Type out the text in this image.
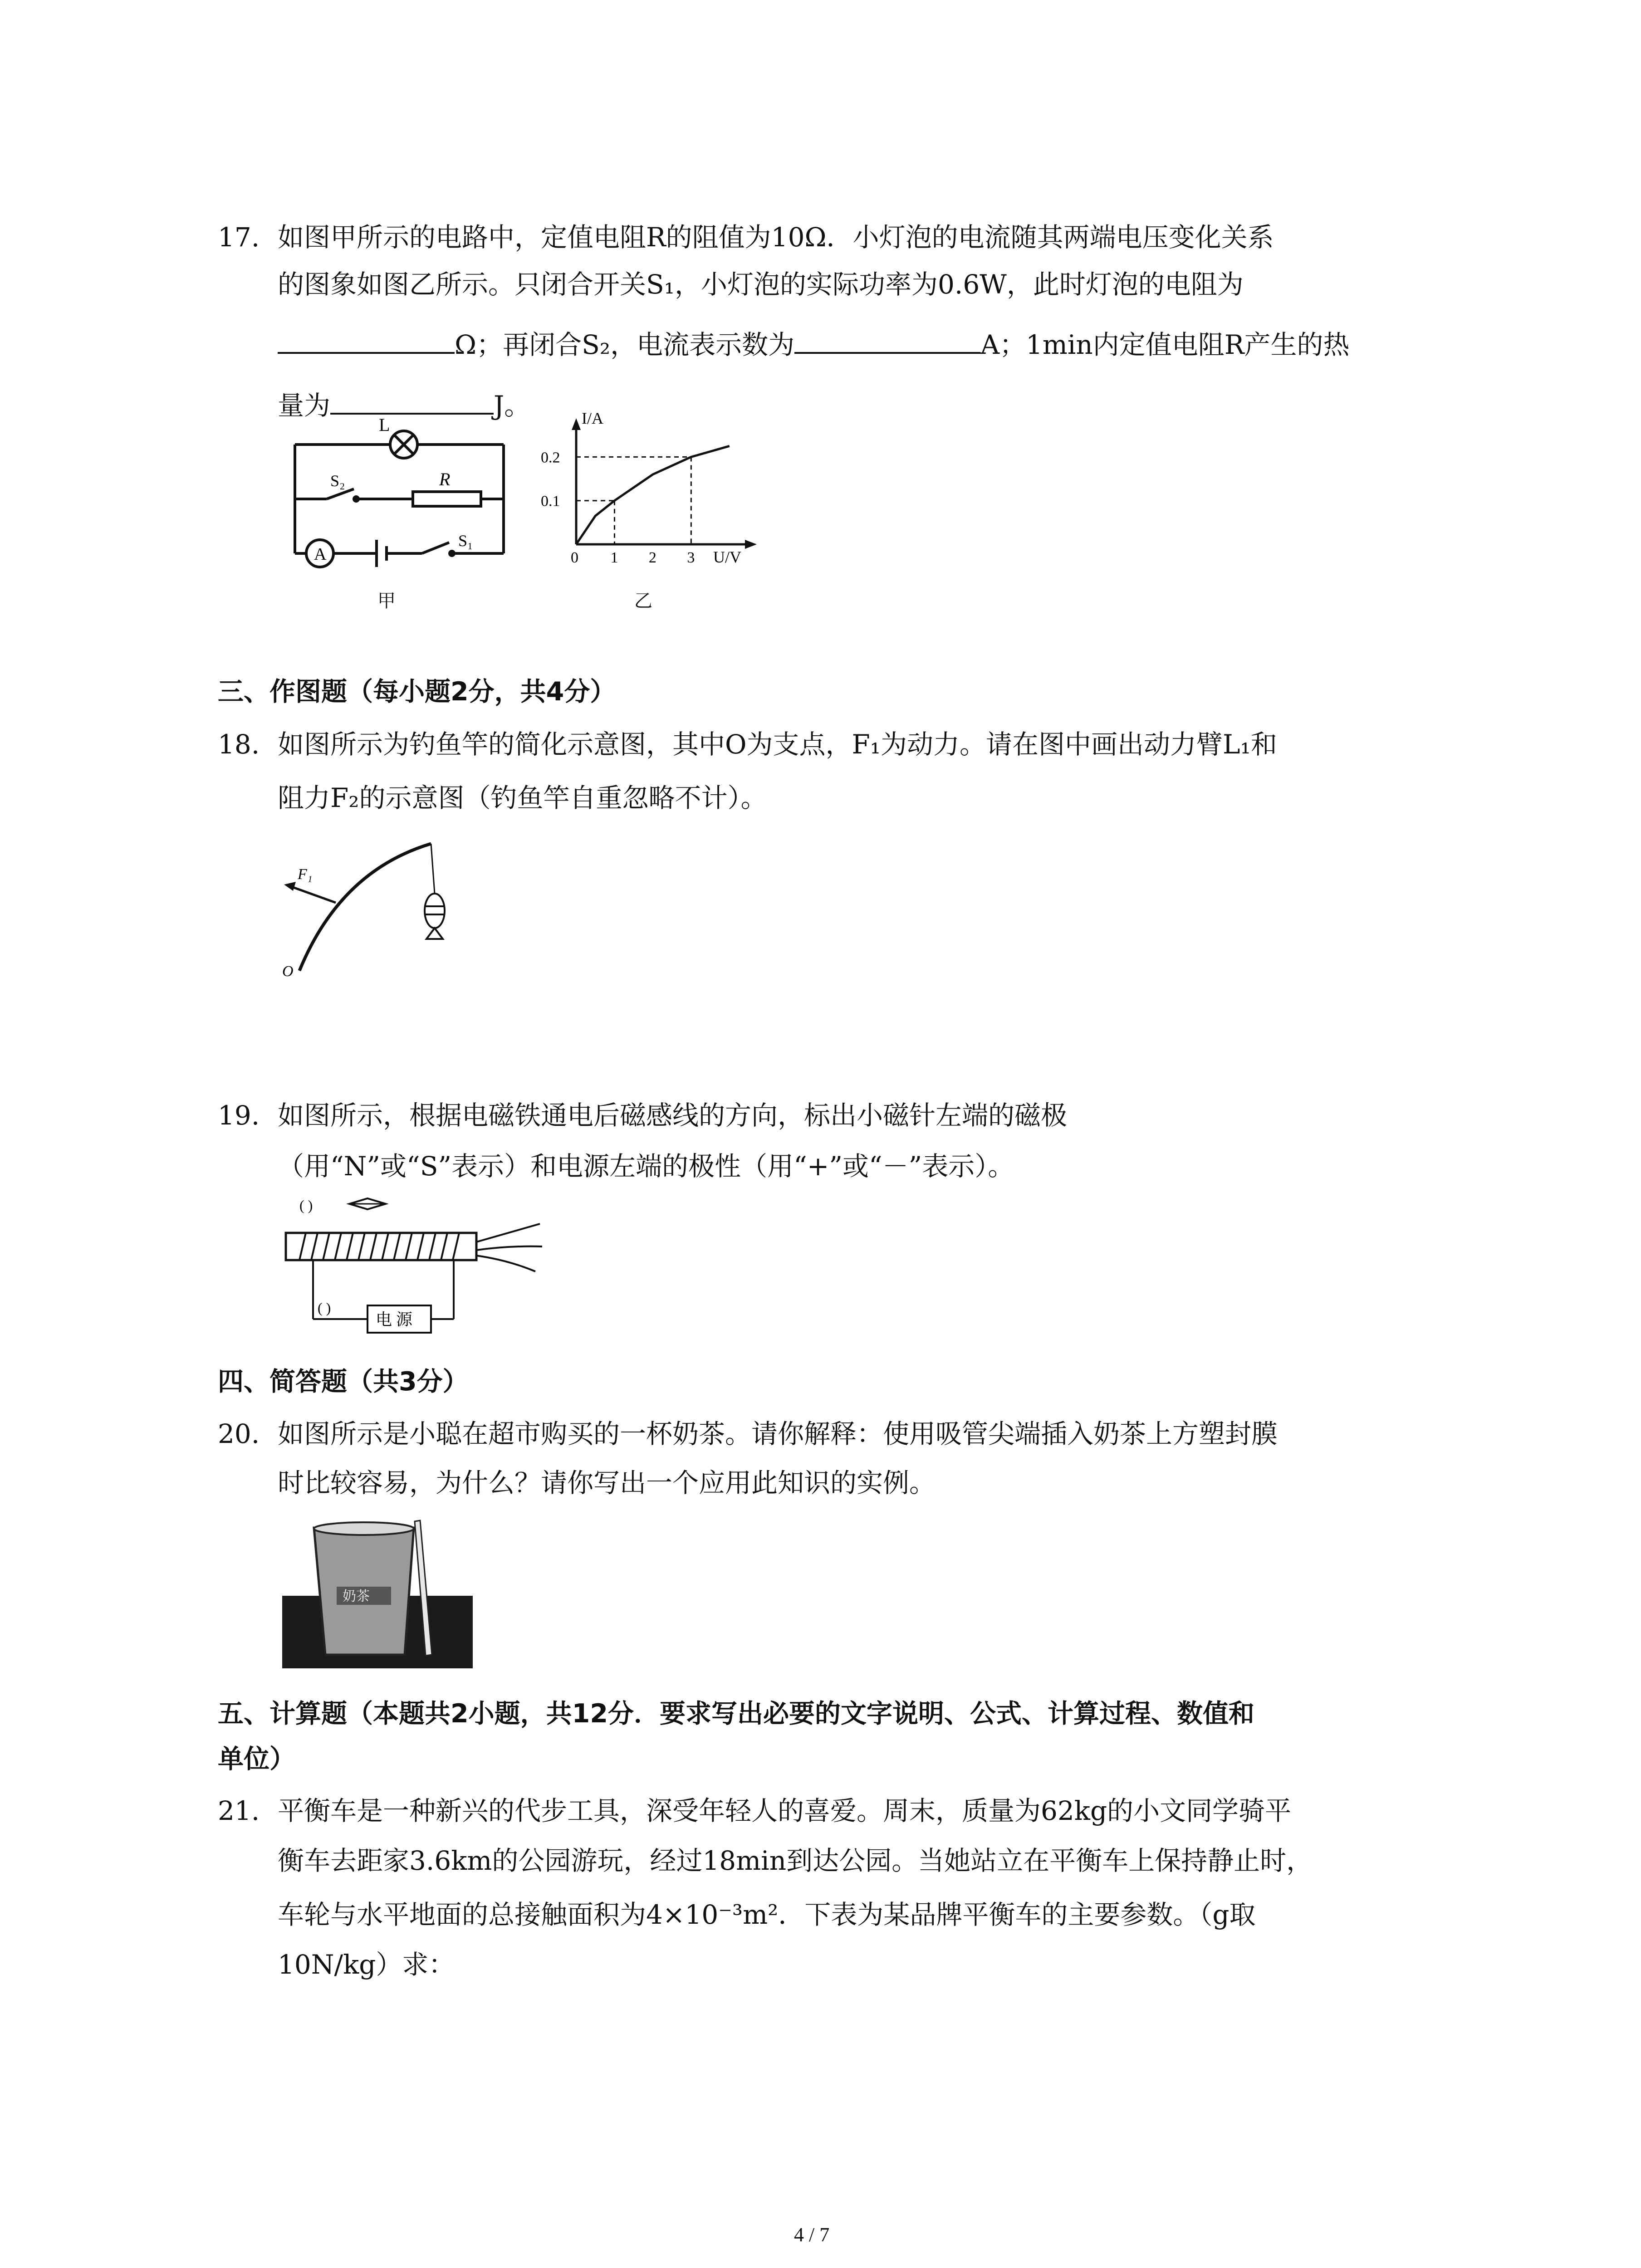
17. 如图甲所示的电路中，定值电阻R的阻值为10Ω．小灯泡的电流随其两端电压变化关系
的图象如图乙所示。只闭合开关S₁，小灯泡的实际功率为0.6W，此时灯泡的电阻为
Ω；再闭合S₂，电流表示数为	A；1min内定值电阻R产生的热
量为	J。
L
S₂	R
A
S₁
甲
I/A
U/V
0.2
0.1
0 1 2 3
乙
三、作图题（每小题2分，共4分）
18. 如图所示为钓鱼竿的简化示意图，其中O为支点，F₁为动力。请在图中画出动力臂L₁和
阻力F₂的示意图（钓鱼竿自重忽略不计）。
F₁
O
19. 如图所示，根据电磁铁通电后磁感线的方向，标出小磁针左端的磁极
（用“N”或“S”表示）和电源左端的极性（用“+”或“－”表示）。
( )
电 源
( )
四、简答题（共3分）
20. 如图所示是小聪在超市购买的一杯奶茶。请你解释：使用吸管尖端插入奶茶上方塑封膜
时比较容易，为什么？请你写出一个应用此知识的实例。
奶茶
五、计算题（本题共2小题，共12分．要求写出必要的文字说明、公式、计算过程、数值和
单位）
21. 平衡车是一种新兴的代步工具，深受年轻人的喜爱。周末，质量为62kg的小文同学骑平
衡车去距家3.6km的公园游玩，经过18min到达公园。当她站立在平衡车上保持静止时，
车轮与水平地面的总接触面积为4×10⁻³m²．下表为某品牌平衡车的主要参数。（g取
10N/kg）求：
4 / 7
